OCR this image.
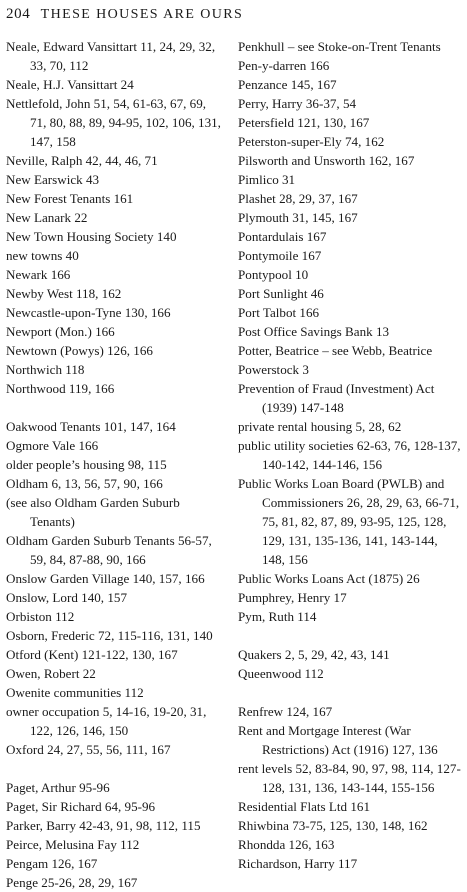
204 THESE HOUSES ARE OURS
Neale, Edward Vansittart 11, 24, 29, 32, 33, 70, 112
Neale, H.J. Vansittart 24
Nettlefold, John 51, 54, 61-63, 67, 69, 71, 80, 88, 89, 94-95, 102, 106, 131, 147, 158
Neville, Ralph 42, 44, 46, 71
New Earswick 43
New Forest Tenants 161
New Lanark 22
New Town Housing Society 140
new towns 40
Newark 166
Newby West 118, 162
Newcastle-upon-Tyne 130, 166
Newport (Mon.) 166
Newtown (Powys) 126, 166
Northwich 118
Northwood 119, 166
Oakwood Tenants 101, 147, 164
Ogmore Vale 166
older people’s housing 98, 115
Oldham 6, 13, 56, 57, 90, 166
(see also Oldham Garden Suburb Tenants)
Oldham Garden Suburb Tenants 56-57, 59, 84, 87-88, 90, 166
Onslow Garden Village 140, 157, 166
Onslow, Lord 140, 157
Orbiston 112
Osborn, Frederic 72, 115-116, 131, 140
Otford (Kent) 121-122, 130, 167
Owen, Robert 22
Owenite communities 112
owner occupation 5, 14-16, 19-20, 31, 122, 126, 146, 150
Oxford 24, 27, 55, 56, 111, 167
Paget, Arthur 95-96
Paget, Sir Richard 64, 95-96
Parker, Barry 42-43, 91, 98, 112, 115
Peirce, Melusina Fay 112
Pengam 126, 167
Penge 25-26, 28, 29, 167
Penkhull – see Stoke-on-Trent Tenants
Pen-y-darren 166
Penzance 145, 167
Perry, Harry 36-37, 54
Petersfield 121, 130, 167
Peterston-super-Ely 74, 162
Pilsworth and Unsworth 162, 167
Pimlico 31
Plashet 28, 29, 37, 167
Plymouth 31, 145, 167
Pontardulais 167
Pontymoile 167
Pontypool 10
Port Sunlight 46
Port Talbot 166
Post Office Savings Bank 13
Potter, Beatrice – see Webb, Beatrice
Powerstock 3
Prevention of Fraud (Investment) Act (1939) 147-148
private rental housing 5, 28, 62
public utility societies 62-63, 76, 128-137, 140-142, 144-146, 156
Public Works Loan Board (PWLB) and Commissioners 26, 28, 29, 63, 66-71, 75, 81, 82, 87, 89, 93-95, 125, 128, 129, 131, 135-136, 141, 143-144, 148, 156
Public Works Loans Act (1875) 26
Pumphrey, Henry 17
Pym, Ruth 114
Quakers 2, 5, 29, 42, 43, 141
Queenwood 112
Renfrew 124, 167
Rent and Mortgage Interest (War Restrictions) Act (1916) 127, 136
rent levels 52, 83-84, 90, 97, 98, 114, 127-128, 131, 136, 143-144, 155-156
Residential Flats Ltd 161
Rhiwbina 73-75, 125, 130, 148, 162
Rhondda 126, 163
Richardson, Harry 117
